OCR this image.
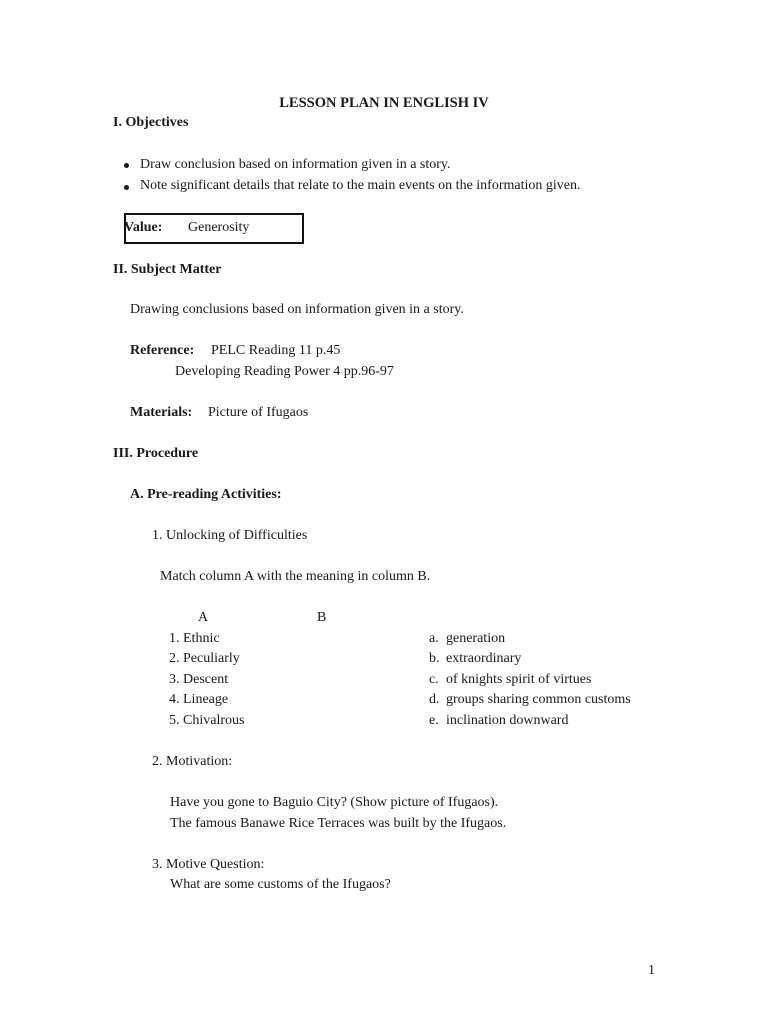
LESSON PLAN IN ENGLISH IV
I. Objectives
Draw conclusion based on information given in a story.
Note significant details that relate to the main events on the information given.
Value: Generosity
II. Subject Matter
Drawing conclusions based on information given in a story.
Reference: PELC Reading 11 p.45
Developing Reading Power 4 pp.96-97
Materials: Picture of Ifugaos
III. Procedure
A. Pre-reading Activities:
1. Unlocking of Difficulties
Match column A with the meaning in column B.
A	B
1. Ethnic
2. Peculiarly
3. Descent
4. Lineage
5. Chivalrous
a.
b.
c.
d.
e.
generation
extraordinary
of knights spirit of virtues
groups sharing common customs
inclination downward
2. Motivation:
Have you gone to Baguio City? (Show picture of Ifugaos).
The famous Banawe Rice Terraces was built by the Ifugaos.
3. Motive Question:
What are some customs of the Ifugaos?
1
